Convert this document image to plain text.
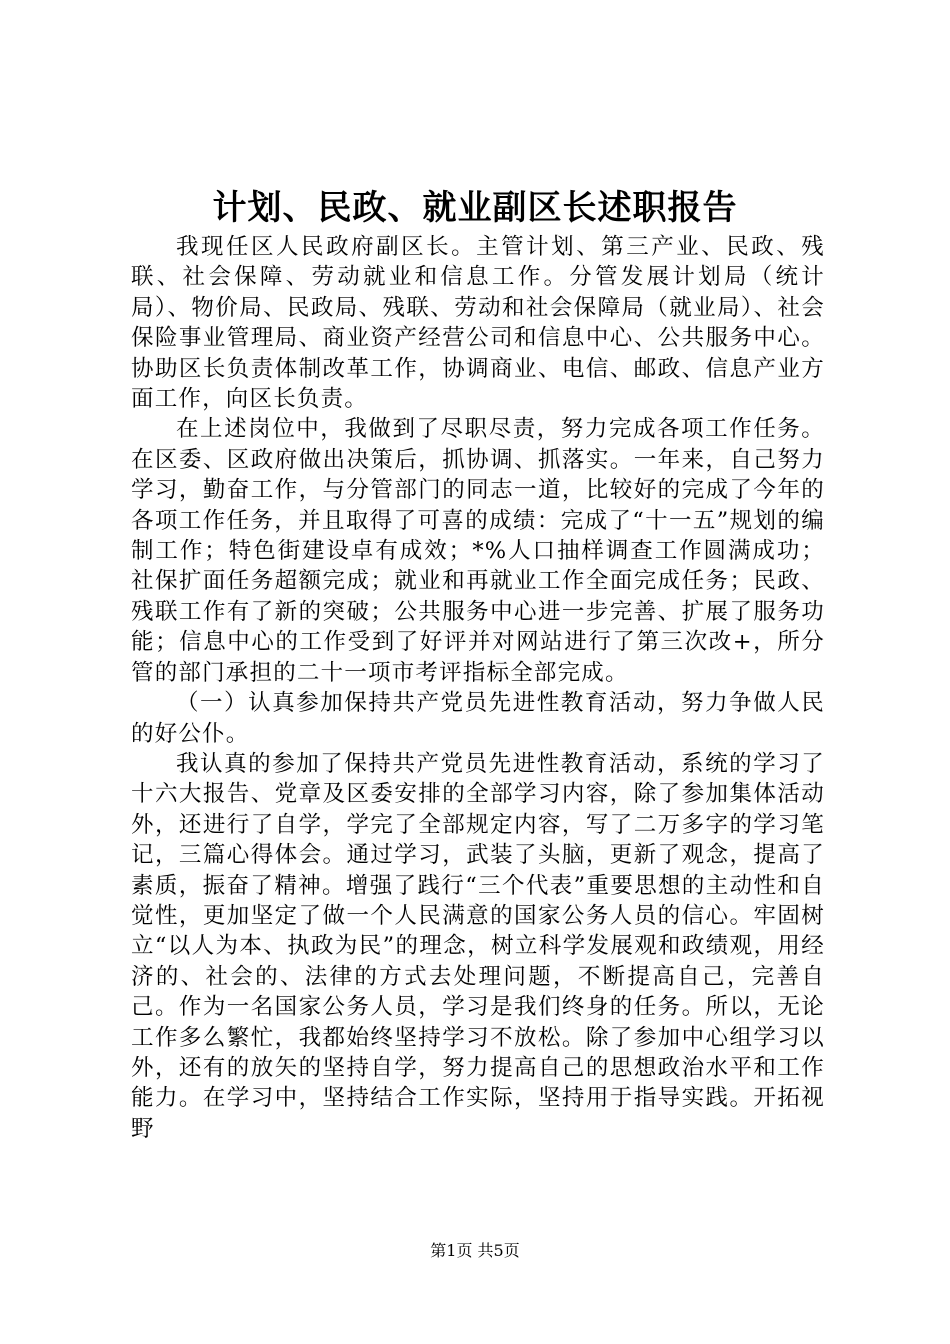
计划、民政、就业副区长述职报告

我现任区人民政府副区长。主管计划、第三产业、民政、残联、社会保障、劳动就业和信息工作。分管发展计划局（统计局）、物价局、民政局、残联、劳动和社会保障局（就业局）、社会保险事业管理局、商业资产经营公司和信息中心、公共服务中心。协助区长负责体制改革工作，协调商业、电信、邮政、信息产业方面工作，向区长负责。

在上述岗位中，我做到了尽职尽责，努力完成各项工作任务。在区委、区政府做出决策后，抓协调、抓落实。一年来，自己努力学习，勤奋工作，与分管部门的同志一道，比较好的完成了今年的各项工作任务，并且取得了可喜的成绩：完成了“十一五”规划的编制工作；特色街建设卓有成效；*%人口抽样调查工作圆满成功；社保扩面任务超额完成；就业和再就业工作全面完成任务；民政、残联工作有了新的突破；公共服务中心进一步完善、扩展了服务功能；信息中心的工作受到了好评并对网站进行了第三次改+，所分管的部门承担的二十一项市考评指标全部完成。

（一）认真参加保持共产党员先进性教育活动，努力争做人民的好公仆。

我认真的参加了保持共产党员先进性教育活动，系统的学习了十六大报告、党章及区委安排的全部学习内容，除了参加集体活动外，还进行了自学，学完了全部规定内容，写了二万多字的学习笔记，三篇心得体会。通过学习，武装了头脑，更新了观念，提高了素质，振奋了精神。增强了践行“三个代表”重要思想的主动性和自觉性，更加坚定了做一个人民满意的国家公务人员的信心。牢固树立“以人为本、执政为民”的理念，树立科学发展观和政绩观，用经济的、社会的、法律的方式去处理问题，不断提高自己，完善自己。作为一名国家公务人员，学习是我们终身的任务。所以，无论工作多么繁忙，我都始终坚持学习不放松。除了参加中心组学习以外，还有的放矢的坚持自学，努力提高自己的思想政治水平和工作能力。在学习中，坚持结合工作实际，坚持用于指导实践。开拓视野

第1页 共5页
